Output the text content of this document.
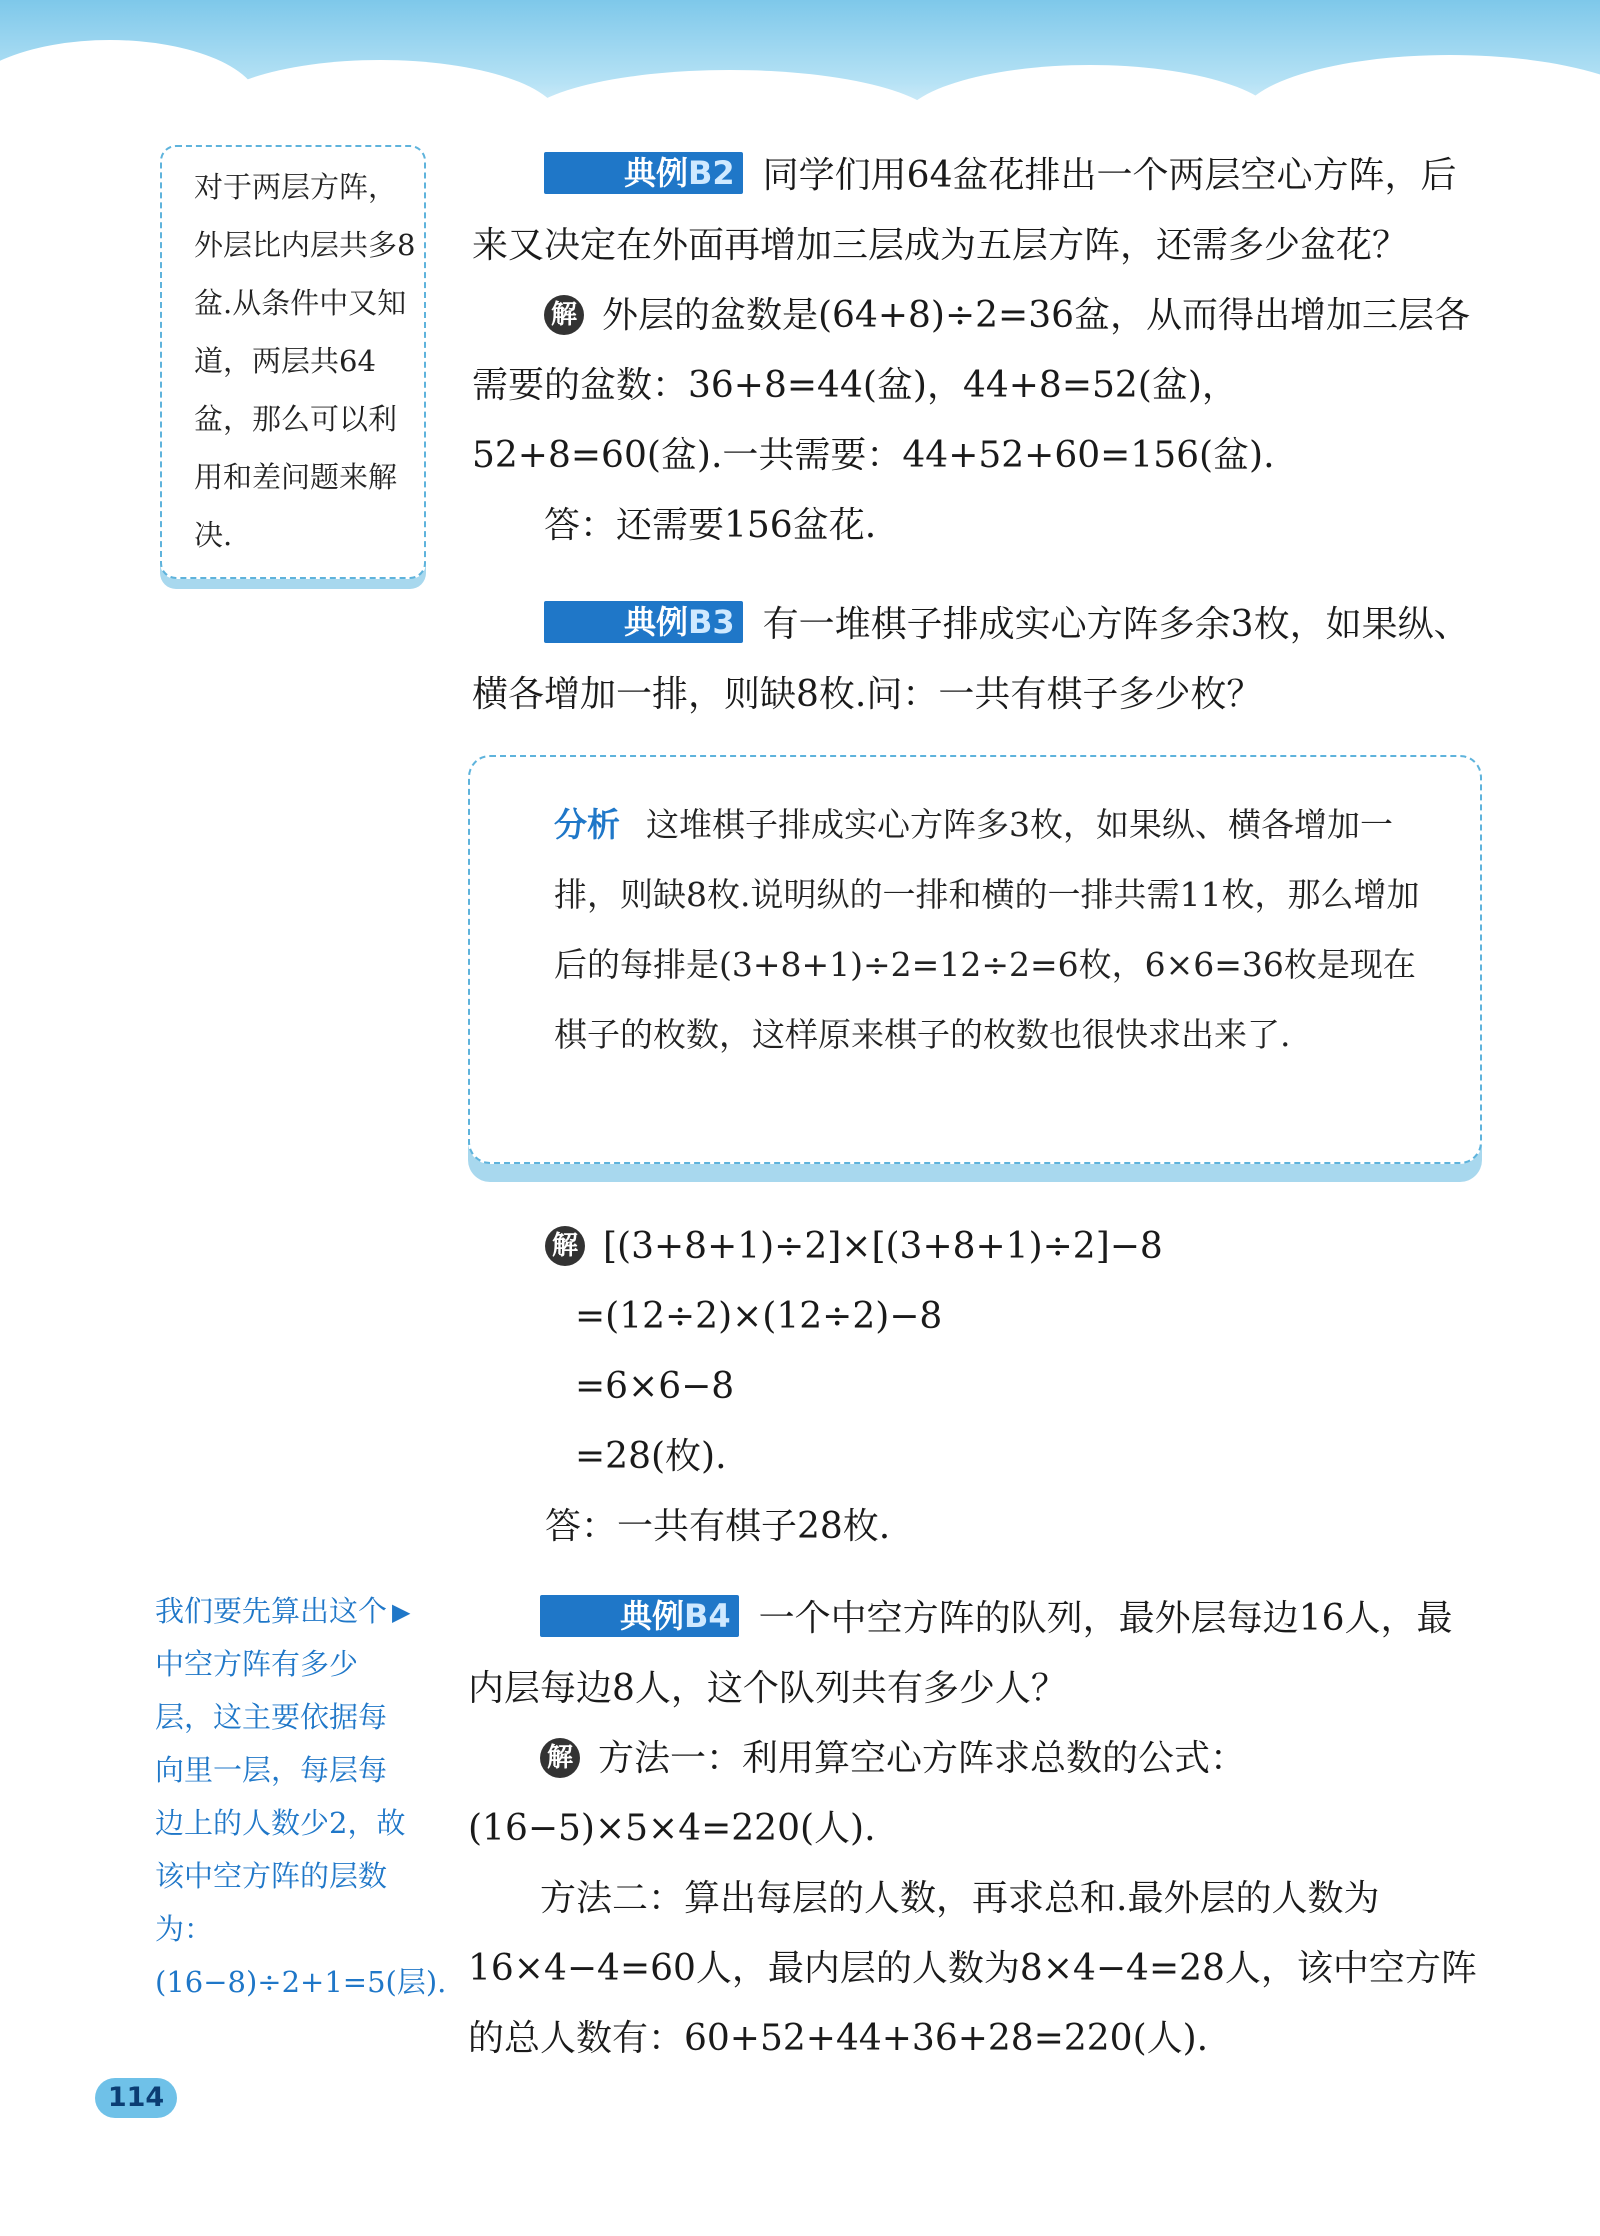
对于两层方阵，外层比内层共多8盆.从条件中又知道，两层共64盆，那么可以利用和差问题来解决.
典例B2 同学们用64盆花排出一个两层空心方阵，后来又决定在外面再增加三层成为五层方阵，还需多少盆花？
解 外层的盆数是(64+8)÷2=36盆，从而得出增加三层各需要的盆数：36+8=44(盆)，44+8=52(盆)，52+8=60(盆).一共需要：44+52+60=156(盆).
答：还需要156盆花.
典例B3 有一堆棋子排成实心方阵多余3枚，如果纵、横各增加一排，则缺8枚.问：一共有棋子多少枚？
分析 这堆棋子排成实心方阵多3枚，如果纵、横各增加一排，则缺8枚.说明纵的一排和横的一排共需11枚，那么增加后的每排是(3+8+1)÷2=12÷2=6枚，6×6=36枚是现在棋子的枚数，这样原来棋子的枚数也很快求出来了.
解 [(3+8+1)÷2]×[(3+8+1)÷2]−8
=(12÷2)×(12÷2)−8
=6×6−8
=28(枚).
答：一共有棋子28枚.
我们要先算出这个中空方阵有多少层，这主要依据每向里一层，每层每边上的人数少2，故该中空方阵的层数为：(16−8)÷2+1=5(层).
▶	典例B4 一个中空方阵的队列，最外层每边16人，最内层每边8人，这个队列共有多少人？
解 方法一：利用算空心方阵求总数的公式：(16−5)×5×4=220(人).
方法二：算出每层的人数，再求总和.最外层的人数为16×4−4=60人，最内层的人数为8×4−4=28人，该中空方阵的总人数有：60+52+44+36+28=220(人).
114
